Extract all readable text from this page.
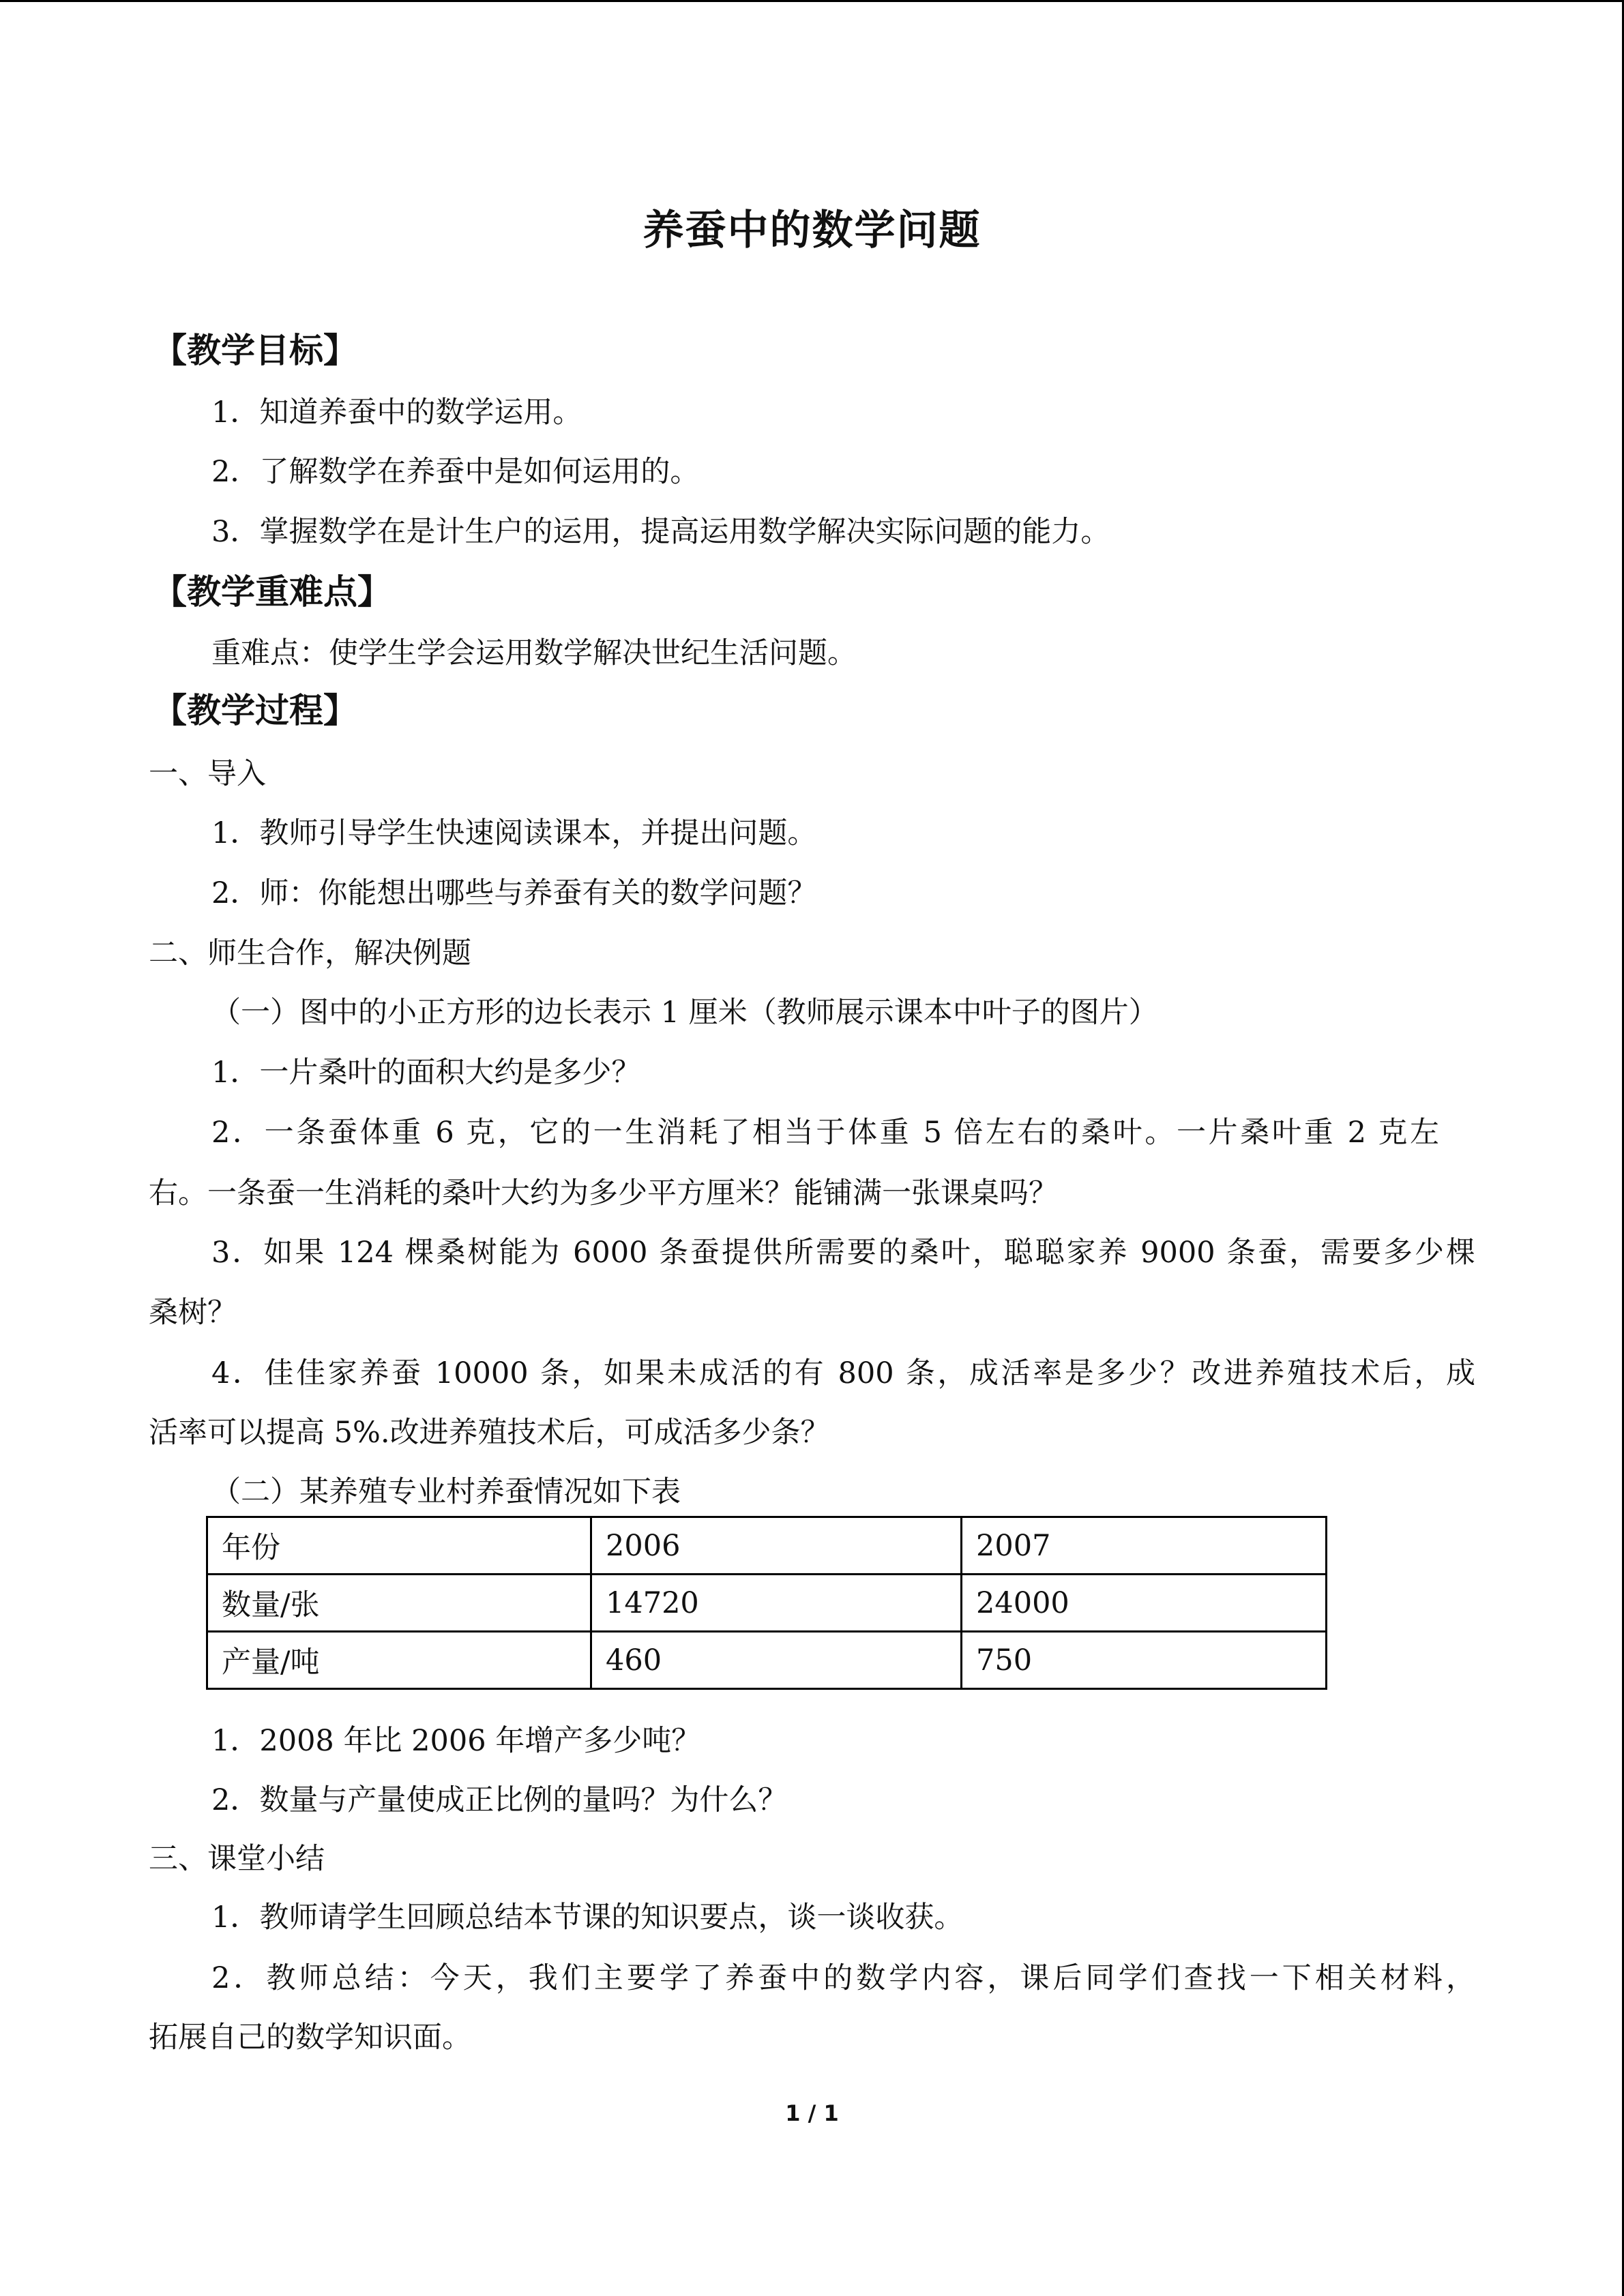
养蚕中的数学问题
【教学目标】
1．知道养蚕中的数学运用。
2．了解数学在养蚕中是如何运用的。
3．掌握数学在是计生户的运用，提高运用数学解决实际问题的能力。
【教学重难点】
重难点：使学生学会运用数学解决世纪生活问题。
【教学过程】
一、导入
1．教师引导学生快速阅读课本，并提出问题。
2．师：你能想出哪些与养蚕有关的数学问题？
二、师生合作，解决例题
（一）图中的小正方形的边长表示 1 厘米（教师展示课本中叶子的图片）
1．一片桑叶的面积大约是多少？
2．一条蚕体重 6 克，它的一生消耗了相当于体重 5 倍左右的桑叶。一片桑叶重 2 克左
右。一条蚕一生消耗的桑叶大约为多少平方厘米？能铺满一张课桌吗？
3．如果 124 棵桑树能为 6000 条蚕提供所需要的桑叶，聪聪家养 9000 条蚕，需要多少棵
桑树？
4．佳佳家养蚕 10000 条，如果未成活的有 800 条，成活率是多少？改进养殖技术后，成
活率可以提高 5%.改进养殖技术后，可成活多少条？
（二）某养殖专业村养蚕情况如下表
年份	2006	2007
数量/张	14720	24000
产量/吨	460	750
1．2008 年比 2006 年增产多少吨？
2．数量与产量使成正比例的量吗？为什么？
三、课堂小结
1．教师请学生回顾总结本节课的知识要点，谈一谈收获。
2．教师总结：今天，我们主要学了养蚕中的数学内容，课后同学们查找一下相关材料，
拓展自己的数学知识面。
1 / 1
